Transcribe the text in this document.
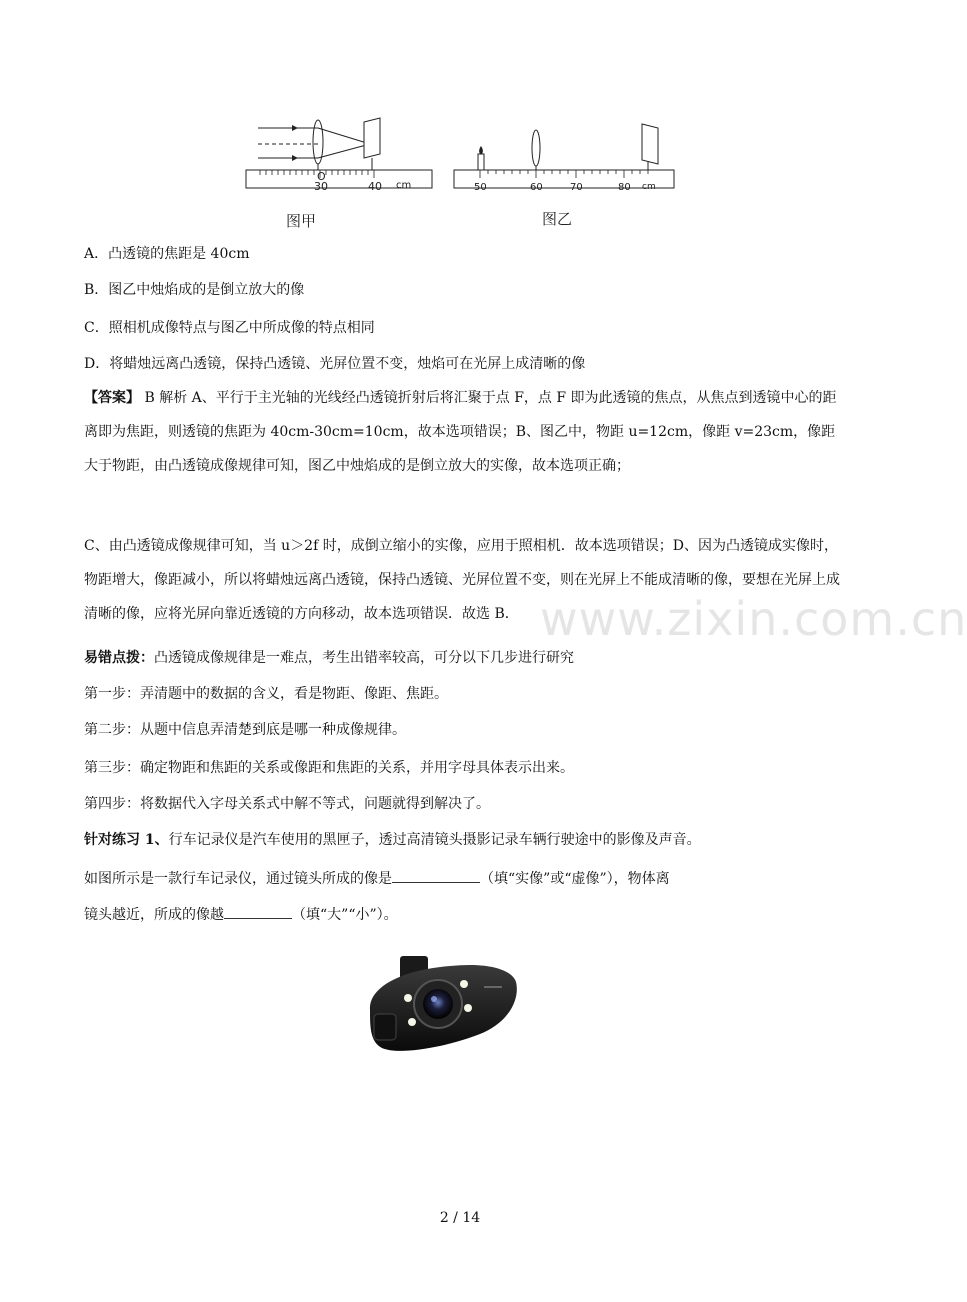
O
30	40 cm	50	60	70	80 cm
图甲	图乙
A．凸透镜的焦距是 40cm
B．图乙中烛焰成的是倒立放大的像
C．照相机成像特点与图乙中所成像的特点相同
D．将蜡烛远离凸透镜，保持凸透镜、光屏位置不变，烛焰可在光屏上成清晰的像
【答案】 B 解析 A、平行于主光轴的光线经凸透镜折射后将汇聚于点 F，点 F 即为此透镜的焦点，从焦点到透镜中心的距离即为焦距，则透镜的焦距为 40cm-30cm=10cm，故本选项错误；B、图乙中，物距 u=12cm，像距 v=23cm，像距大于物距，由凸透镜成像规律可知，图乙中烛焰成的是倒立放大的实像，故本选项正确；
C、由凸透镜成像规律可知，当 u＞2f 时，成倒立缩小的实像，应用于照相机．故本选项错误；D、因为凸透镜成实像时，物距增大，像距减小，所以将蜡烛远离凸透镜，保持凸透镜、光屏位置不变，则在光屏上不能成清晰的像，要想在光屏上成清晰的像，应将光屏向靠近透镜的方向移动，故本选项错误．故选 B．
易错点拨：凸透镜成像规律是一难点，考生出错率较高，可分以下几步进行研究
第一步：弄清题中的数据的含义，看是物距、像距、焦距。
第二步：从题中信息弄清楚到底是哪一种成像规律。
第三步：确定物距和焦距的关系或像距和焦距的关系，并用字母具体表示出来。
第四步：将数据代入字母关系式中解不等式，问题就得到解决了。
针对练习 1、行车记录仪是汽车使用的黑匣子，透过高清镜头摄影记录车辆行驶途中的影像及声音。
如图所示是一款行车记录仪，通过镜头所成的像是	（填“实像”或“虚像”），物体离
镜头越近，所成的像越	（填“大”“小”）。
www.zixin.com.cn
2 / 14
